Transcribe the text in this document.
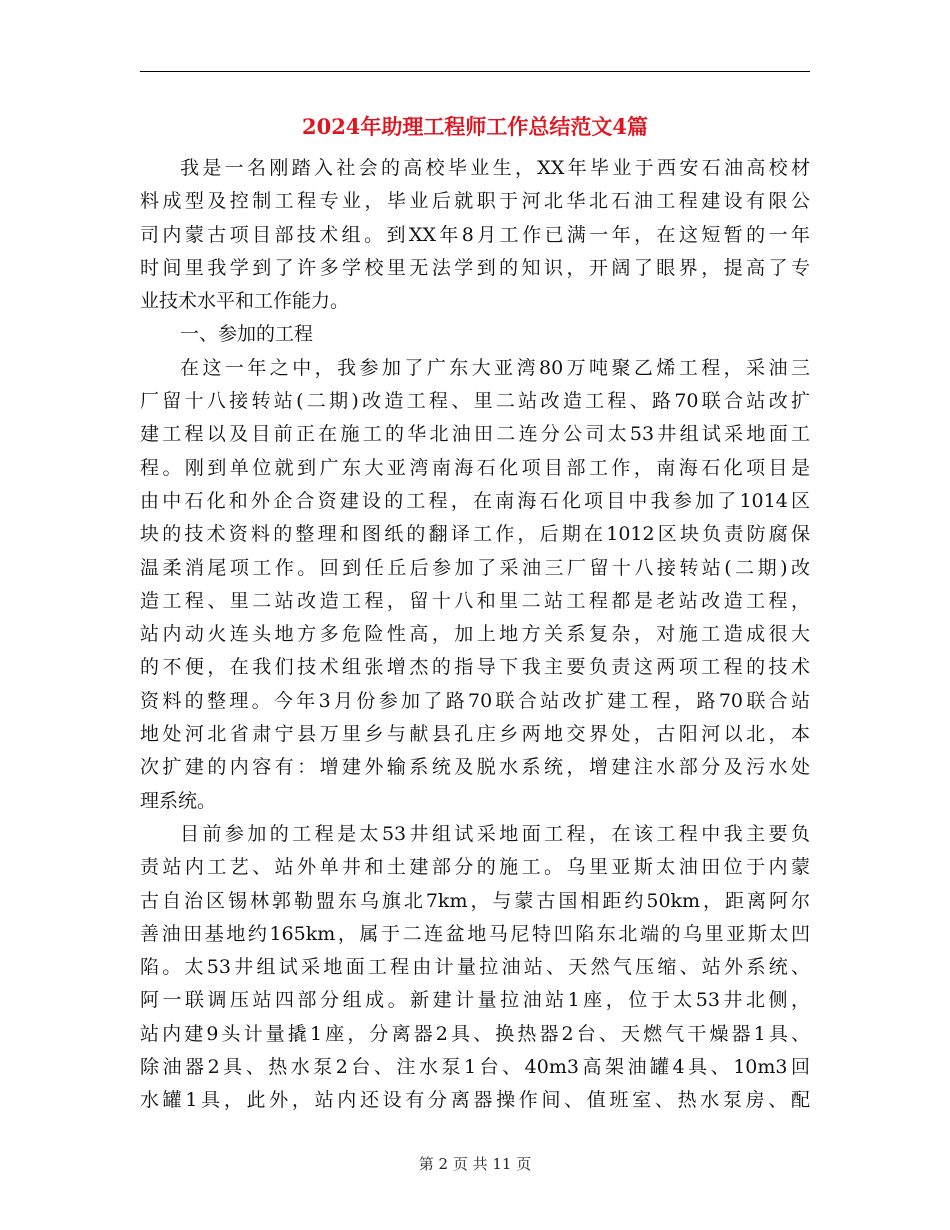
2024年助理工程师工作总结范文4篇

我是一名刚踏入社会的高校毕业生，XX年毕业于西安石油高校材
料成型及控制工程专业，毕业后就职于河北华北石油工程建设有限公
司内蒙古项目部技术组。到XX年8月工作已满一年，在这短暂的一年
时间里我学到了许多学校里无法学到的知识，开阔了眼界，提高了专
业技术水平和工作能力。

一、参加的工程

在这一年之中，我参加了广东大亚湾80万吨聚乙烯工程，采油三
厂留十八接转站(二期)改造工程、里二站改造工程、路70联合站改扩
建工程以及目前正在施工的华北油田二连分公司太53井组试采地面工
程。刚到单位就到广东大亚湾南海石化项目部工作，南海石化项目是
由中石化和外企合资建设的工程，在南海石化项目中我参加了1014区
块的技术资料的整理和图纸的翻译工作，后期在1012区块负责防腐保
温柔消尾项工作。回到任丘后参加了采油三厂留十八接转站(二期)改
造工程、里二站改造工程，留十八和里二站工程都是老站改造工程，
站内动火连头地方多危险性高，加上地方关系复杂，对施工造成很大
的不便，在我们技术组张增杰的指导下我主要负责这两项工程的技术
资料的整理。今年3月份参加了路70联合站改扩建工程，路70联合站
地处河北省肃宁县万里乡与献县孔庄乡两地交界处，古阳河以北，本
次扩建的内容有：增建外输系统及脱水系统，增建注水部分及污水处
理系统。

目前参加的工程是太53井组试采地面工程，在该工程中我主要负
责站内工艺、站外单井和土建部分的施工。乌里亚斯太油田位于内蒙
古自治区锡林郭勒盟东乌旗北7km，与蒙古国相距约50km，距离阿尔
善油田基地约165km，属于二连盆地马尼特凹陷东北端的乌里亚斯太凹
陷。太53井组试采地面工程由计量拉油站、天然气压缩、站外系统、
阿一联调压站四部分组成。新建计量拉油站1座，位于太53井北侧，
站内建9头计量撬1座，分离器2具、换热器2台、天燃气干燥器1具、
除油器2具、热水泵2台、注水泵1台、40m3高架油罐4具、10m3回
水罐1具，此外，站内还设有分离器操作间、值班室、热水泵房、配

第 2 页 共 11 页
